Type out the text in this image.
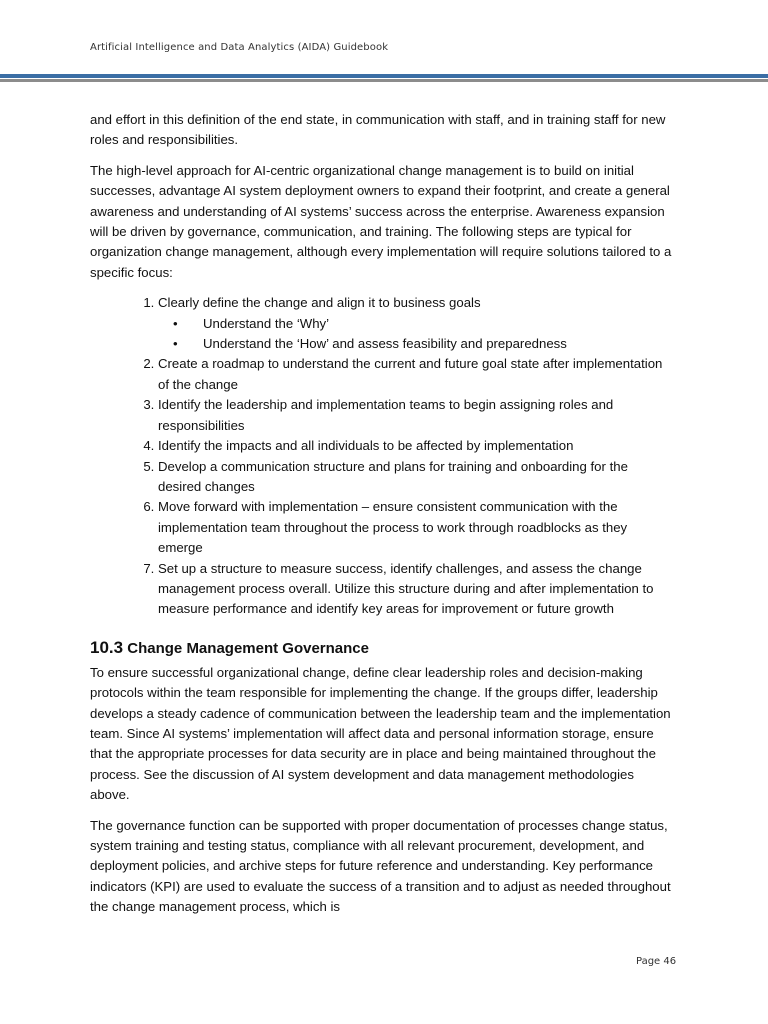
Artificial Intelligence and Data Analytics (AIDA) Guidebook

and effort in this definition of the end state, in communication with staff, and in training staff for new roles and responsibilities.

The high-level approach for AI-centric organizational change management is to build on initial successes, advantage AI system deployment owners to expand their footprint, and create a general awareness and understanding of AI systems’ success across the enterprise. Awareness expansion will be driven by governance, communication, and training. The following steps are typical for organization change management, although every implementation will require solutions tailored to a specific focus:

1. Clearly define the change and align it to business goals
• Understand the ‘Why’
• Understand the ‘How’ and assess feasibility and preparedness
2. Create a roadmap to understand the current and future goal state after implementation of the change
3. Identify the leadership and implementation teams to begin assigning roles and responsibilities
4. Identify the impacts and all individuals to be affected by implementation
5. Develop a communication structure and plans for training and onboarding for the desired changes
6. Move forward with implementation – ensure consistent communication with the implementation team throughout the process to work through roadblocks as they emerge
7. Set up a structure to measure success, identify challenges, and assess the change management process overall. Utilize this structure during and after implementation to measure performance and identify key areas for improvement or future growth
10.3 Change Management Governance

To ensure successful organizational change, define clear leadership roles and decision-making protocols within the team responsible for implementing the change. If the groups differ, leadership develops a steady cadence of communication between the leadership team and the implementation team. Since AI systems’ implementation will affect data and personal information storage, ensure that the appropriate processes for data security are in place and being maintained throughout the process. See the discussion of AI system development and data management methodologies above.

The governance function can be supported with proper documentation of processes change status, system training and testing status, compliance with all relevant procurement, development, and deployment policies, and archive steps for future reference and understanding. Key performance indicators (KPI) are used to evaluate the success of a transition and to adjust as needed throughout the change management process, which is

Page 46
